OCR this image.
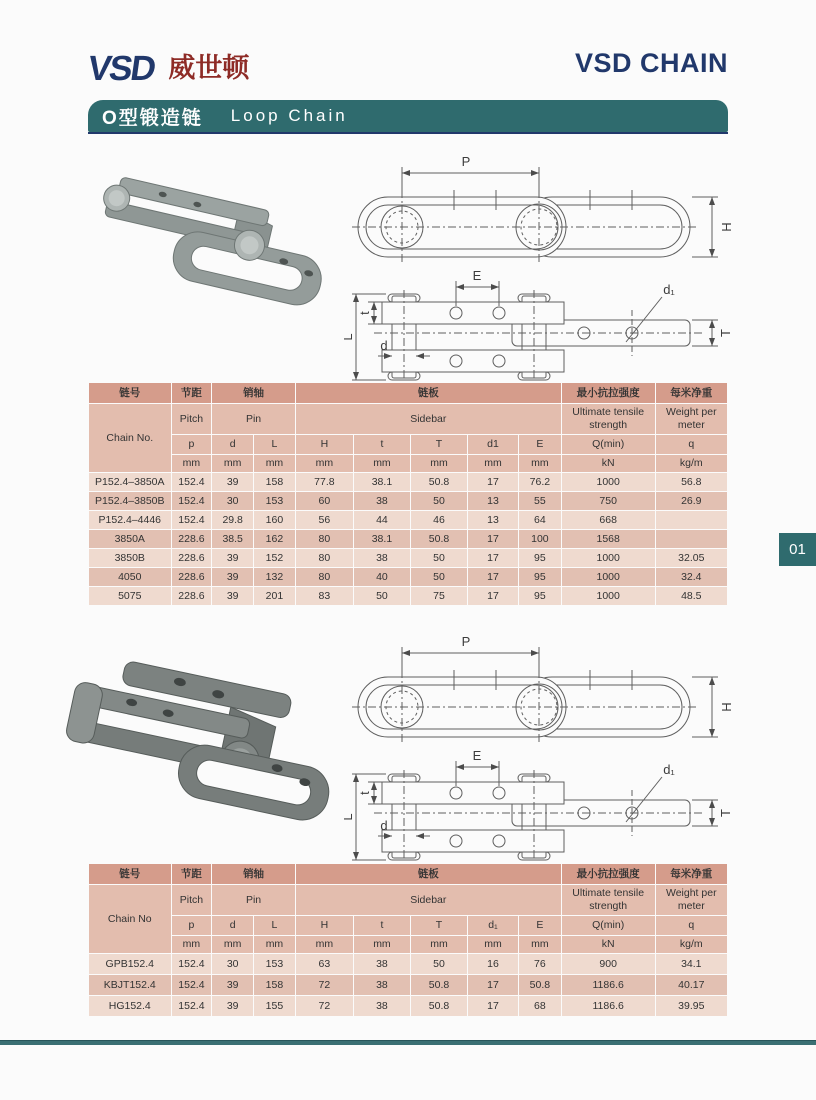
VSD 威世顿	VSD CHAIN
O型锻造链 Loop Chain
链号	节距	销轴		链板					最小抗拉强度	每米净重
Chain No.	Pitch	Pin		Sidebar					Ultimate tensile strength	Weight per meter
	p	d	L	H	t	T	d1	E	Q(min)	q
	mm	mm	mm	mm	mm	mm	mm	mm	kN	kg/m
P152.4–3850A	152.4	39	158	77.8	38.1	50.8	17	76.2	1000	56.8
P152.4–3850B	152.4	30	153	60	38	50	13	55	750	26.9
P152.4–4446	152.4	29.8	160	56	44	46	13	64	668	
3850A	228.6	38.5	162	80	38.1	50.8	17	100	1568	
3850B	228.6	39	152	80	38	50	17	95	1000	32.05
4050	228.6	39	132	80	40	50	17	95	1000	32.4
5075	228.6	39	201	83	50	75	17	95	1000	48.5
链号	节距	销轴		链板					最小抗拉强度	每米净重
Chain No	Pitch	Pin		Sidebar					Ultimate tensile strength	Weight per meter
	p	d	L	H	t	T	d₁	E	Q(min)	q
	mm	mm	mm	mm	mm	mm	mm	mm	kN	kg/m
GPB152.4	152.4	30	153	63	38	50	16	76	900	34.1
KBJT152.4	152.4	39	158	72	38	50.8	17	50.8	1186.6	40.17
HG152.4	152.4	39	155	72	38	50.8	17	68	1186.6	39.95
01
